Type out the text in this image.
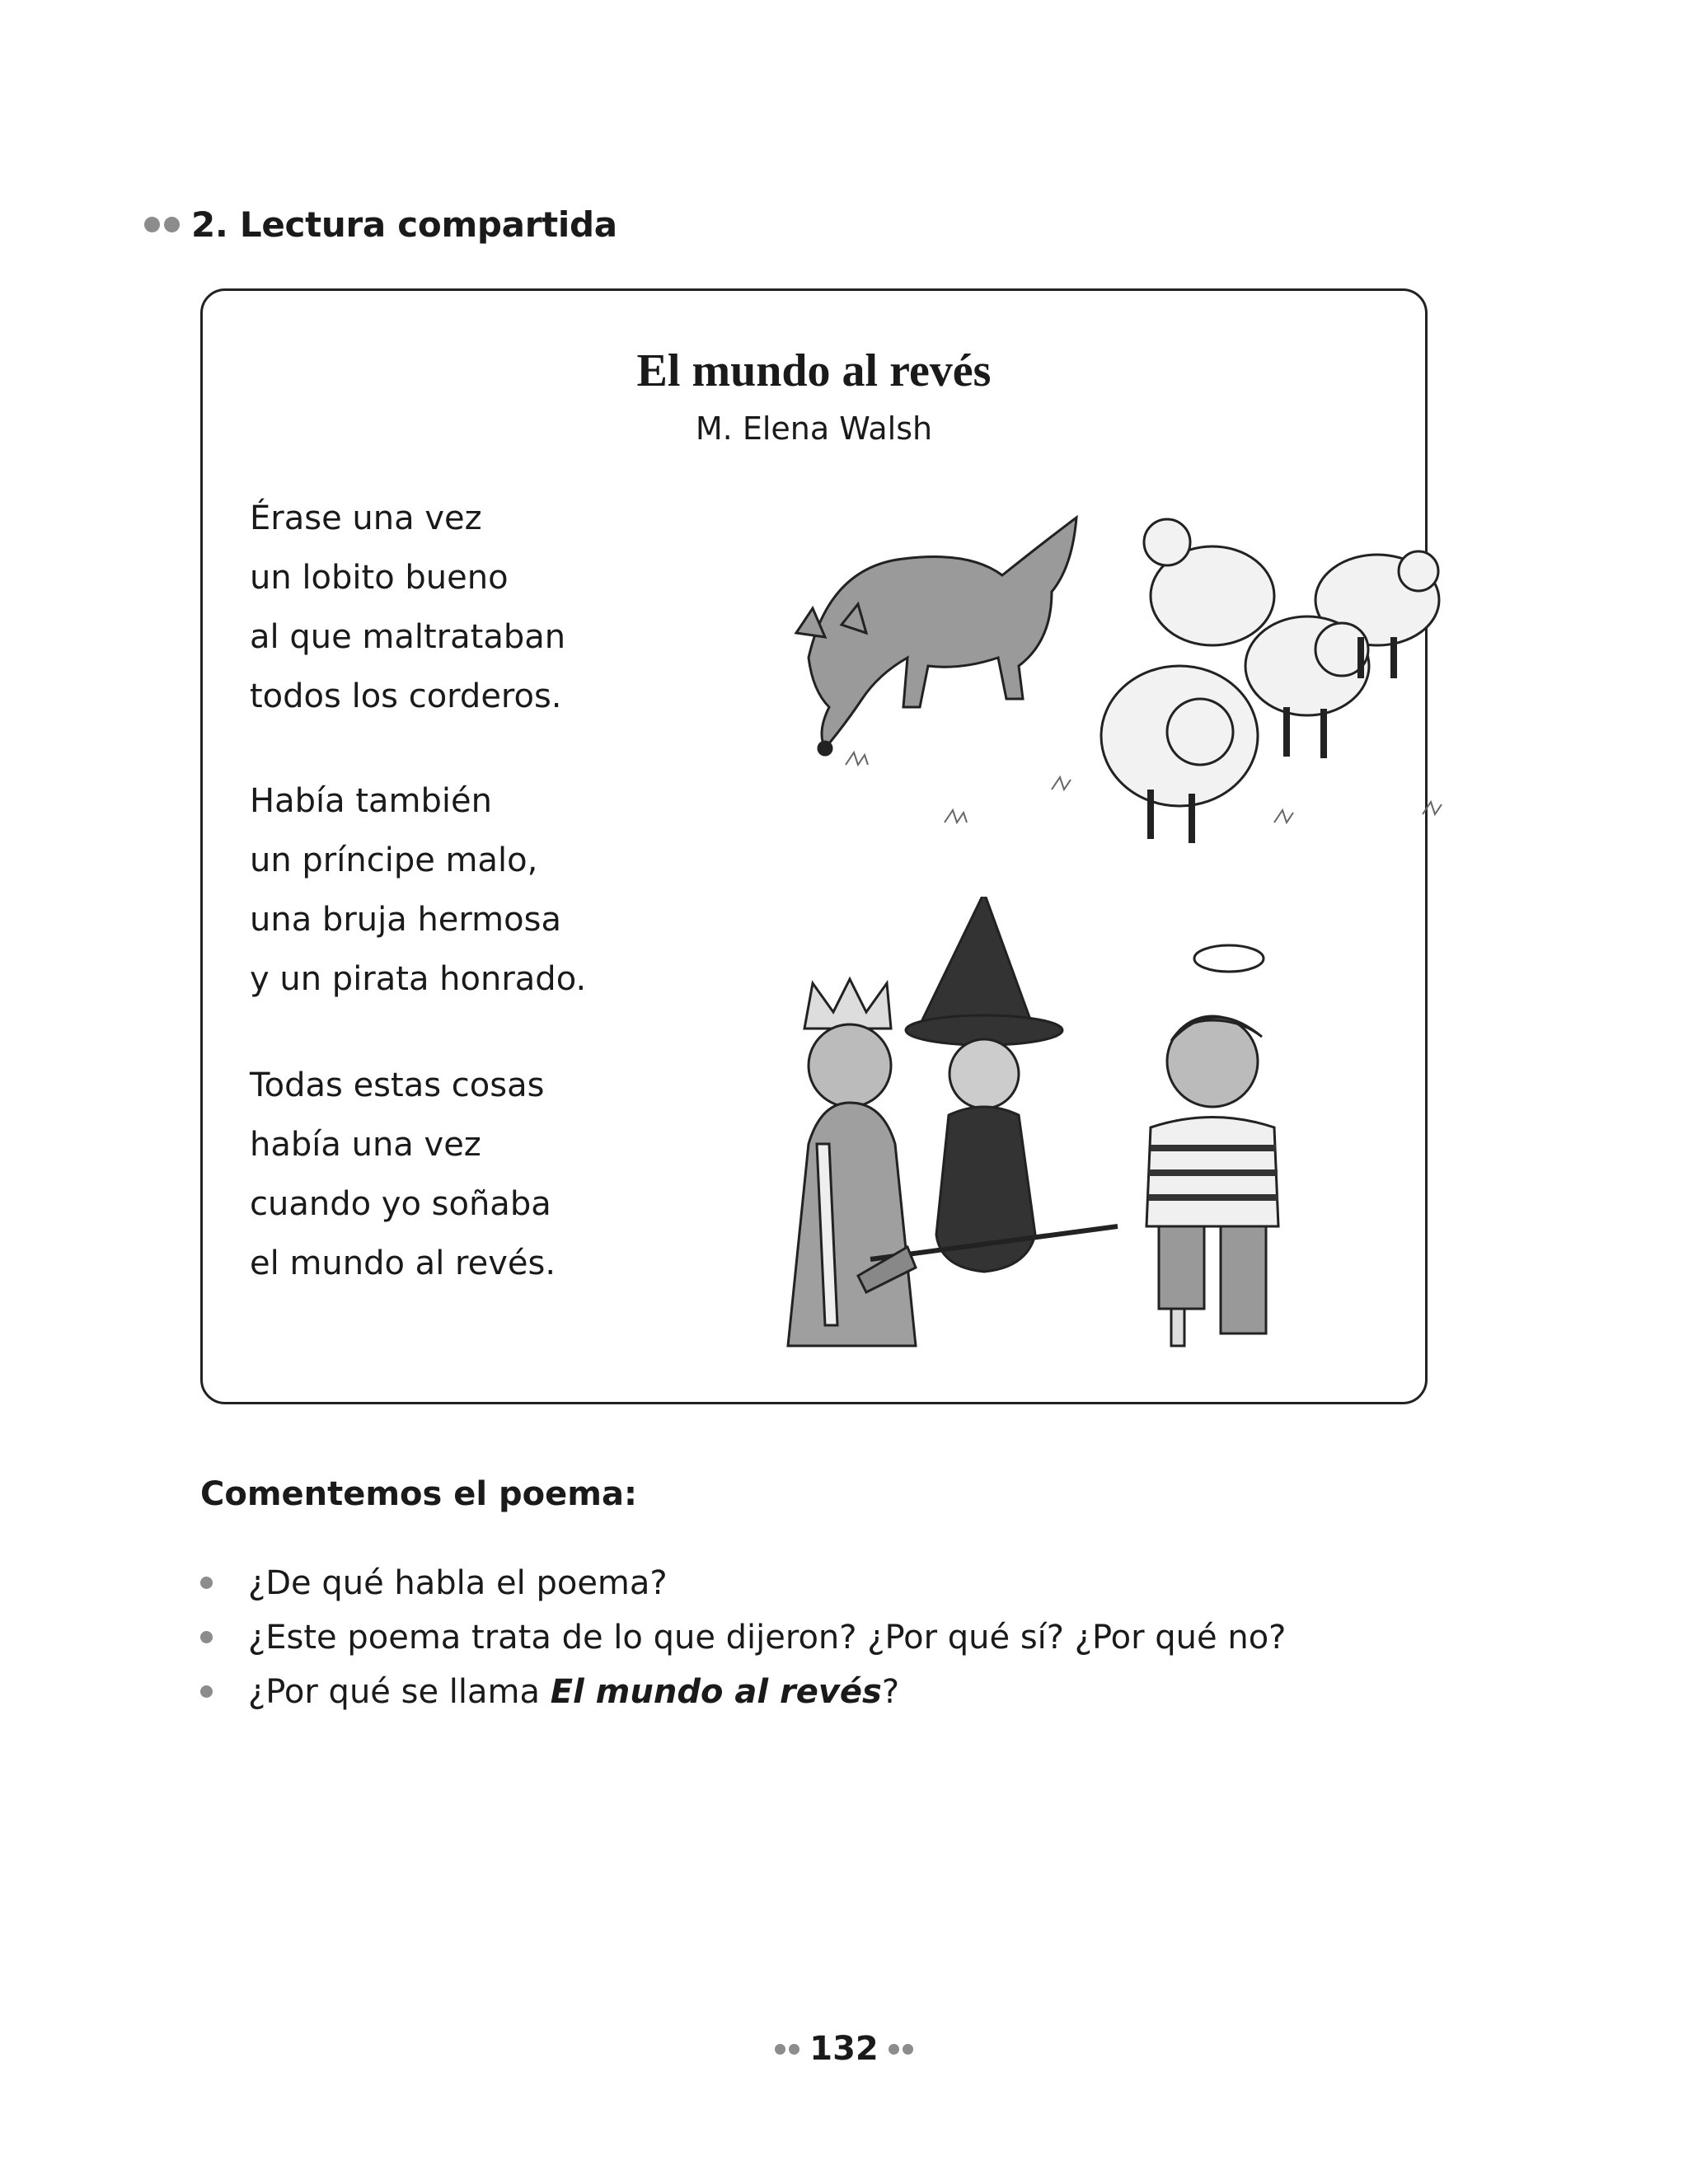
2. Lectura compartida
El mundo al revés
M. Elena Walsh
Érase una vez
un lobito bueno
al que maltrataban
todos los corderos.
Había también
un príncipe malo,
una bruja hermosa
y un pirata honrado.
Todas estas cosas
había una vez
cuando yo soñaba
el mundo al revés.
Comentemos el poema:
¿De qué habla el poema?
¿Este poema trata de lo que dijeron? ¿Por qué sí? ¿Por qué no?
¿Por qué se llama El mundo al revés?
132
